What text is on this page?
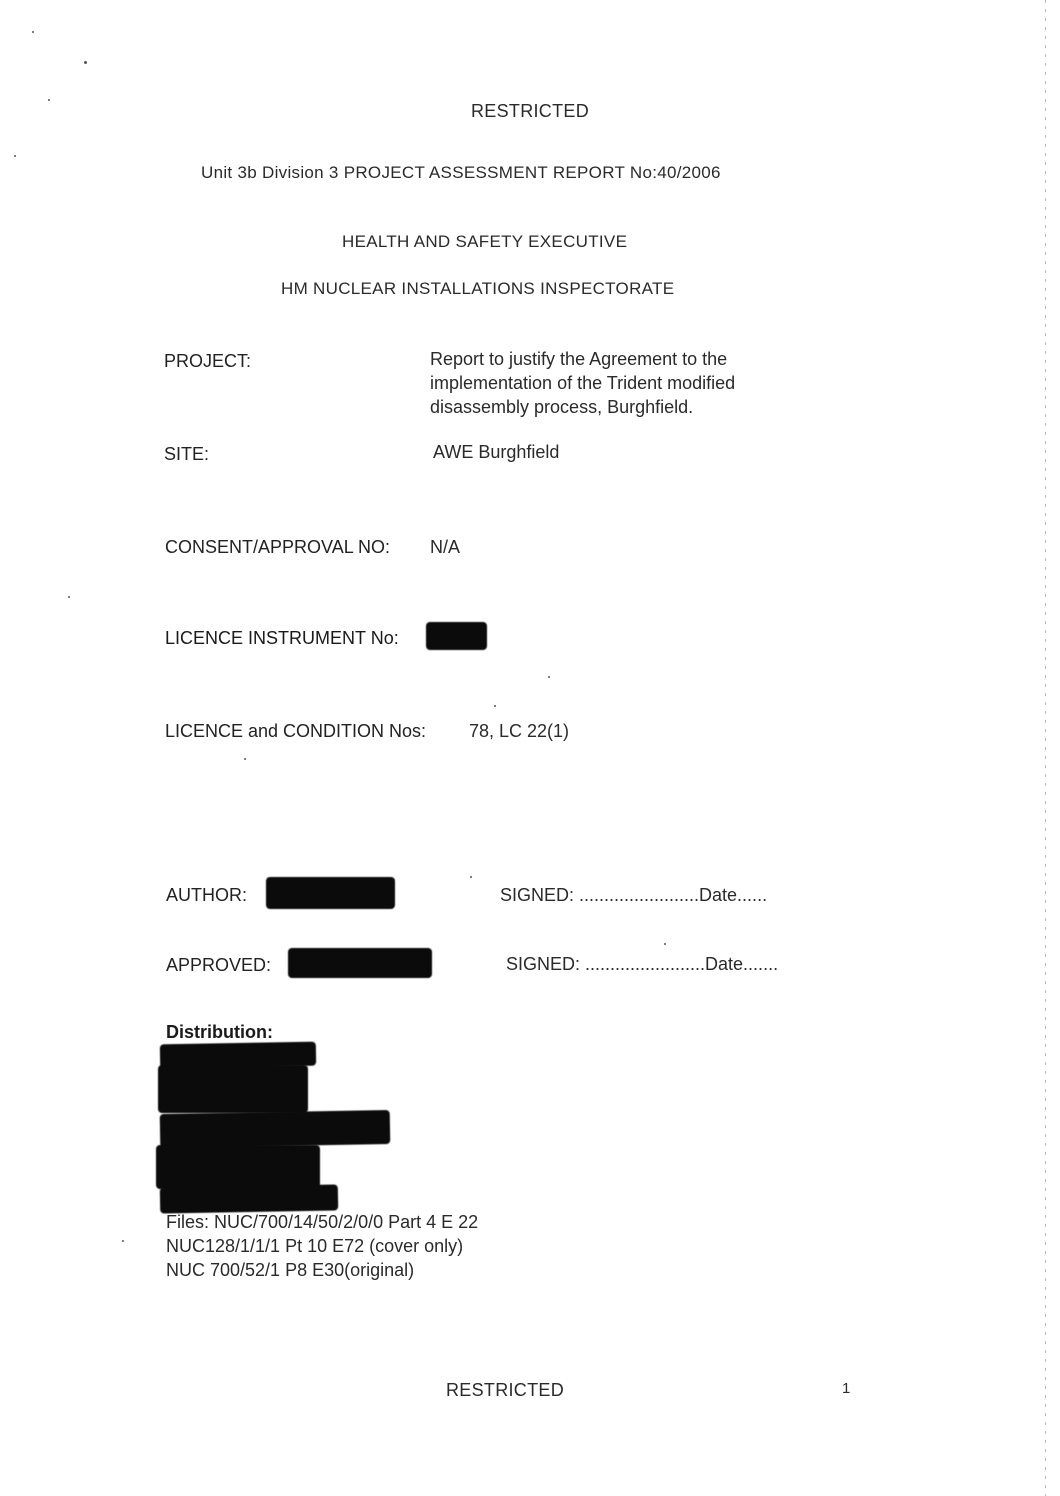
RESTRICTED
Unit 3b Division 3 PROJECT ASSESSMENT REPORT No:40/2006
HEALTH AND SAFETY EXECUTIVE
HM NUCLEAR INSTALLATIONS INSPECTORATE
PROJECT:	Report to justify the Agreement to the
implementation of the Trident modified
disassembly process, Burghfield.
SITE:	AWE Burghfield
CONSENT/APPROVAL NO: N/A
LICENCE INSTRUMENT No:
LICENCE and CONDITION Nos: 78, LC 22(1)
AUTHOR:	SIGNED: ........................Date......
APPROVED:	SIGNED: ........................Date.......
Distribution:
Files: NUC/700/14/50/2/0/0 Part 4 E 22
NUC128/1/1/1 Pt 10 E72 (cover only)
NUC 700/52/1 P8 E30(original)
RESTRICTED	1
